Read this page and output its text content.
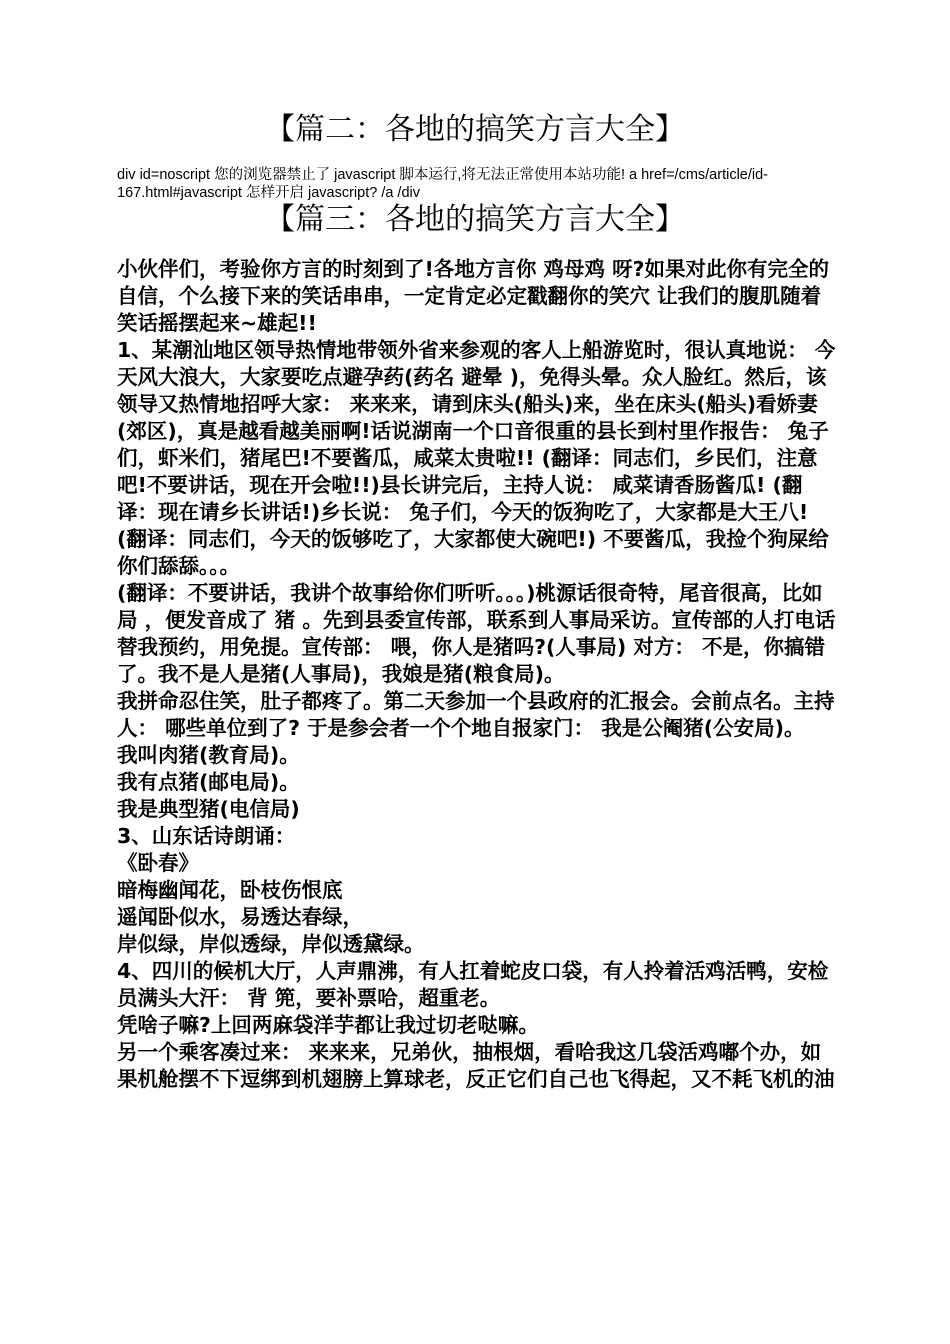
【篇二：各地的搞笑方言大全】
div id=noscript 您的浏览器禁止了 javascript 脚本运行,将无法正常使用本站功能! a href=/cms/article/id-167.html#javascript 怎样开启 javascript? /a /div
【篇三：各地的搞笑方言大全】

小伙伴们，考验你方言的时刻到了!各地方言你 鸡母鸡 呀?如果对此你有完全的自信，个么接下来的笑话串串，一定肯定必定戳翻你的笑穴 让我们的腹肌随着笑话摇摆起来~雄起!!

1、某潮汕地区领导热情地带领外省来参观的客人上船游览时，很认真地说： 今天风大浪大，大家要吃点避孕药(药名 避晕 )，免得头晕。众人脸红。然后，该领导又热情地招呼大家： 来来来，请到床头(船头)来，坐在床头(船头)看娇妻(郊区)，真是越看越美丽啊!话说湖南一个口音很重的县长到村里作报告： 兔子们，虾米们，猪尾巴!不要酱瓜，咸菜太贵啦!! (翻译：同志们，乡民们，注意吧!不要讲话，现在开会啦!!)县长讲完后，主持人说： 咸菜请香肠酱瓜! (翻译：现在请乡长讲话!)乡长说： 兔子们，今天的饭狗吃了，大家都是大王八! (翻译：同志们，今天的饭够吃了，大家都使大碗吧!) 不要酱瓜，我捡个狗屎给你们舔舔。。。

(翻译：不要讲话，我讲个故事给你们听听。。。)桃源话很奇特，尾音很高，比如 局 ，便发音成了 猪 。先到县委宣传部，联系到人事局采访。宣传部的人打电话替我预约，用免提。宣传部： 喂，你人是猪吗?(人事局) 对方： 不是，你搞错了。我不是人是猪(人事局)，我娘是猪(粮食局)。

我拼命忍住笑，肚子都疼了。第二天参加一个县政府的汇报会。会前点名。主持人： 哪些单位到了? 于是参会者一个个地自报家门： 我是公阉猪(公安局)。

我叫肉猪(教育局)。

我有点猪(邮电局)。

我是典型猪(电信局)

3、山东话诗朗诵：

《卧春》

暗梅幽闻花，卧枝伤恨底

遥闻卧似水，易透达春绿，

岸似绿，岸似透绿，岸似透黛绿。

4、四川的候机大厅，人声鼎沸，有人扛着蛇皮口袋，有人拎着活鸡活鸭，安检员满头大汗： 背 篼，要补票哈，超重老。

凭啥子嘛?上回两麻袋洋芋都让我过切老哒嘛。

另一个乘客凑过来： 来来来，兄弟伙，抽根烟，看哈我这几袋活鸡嘟个办，如果机舱摆不下逗绑到机翅膀上算球老，反正它们自己也飞得起，又不耗飞机的油
